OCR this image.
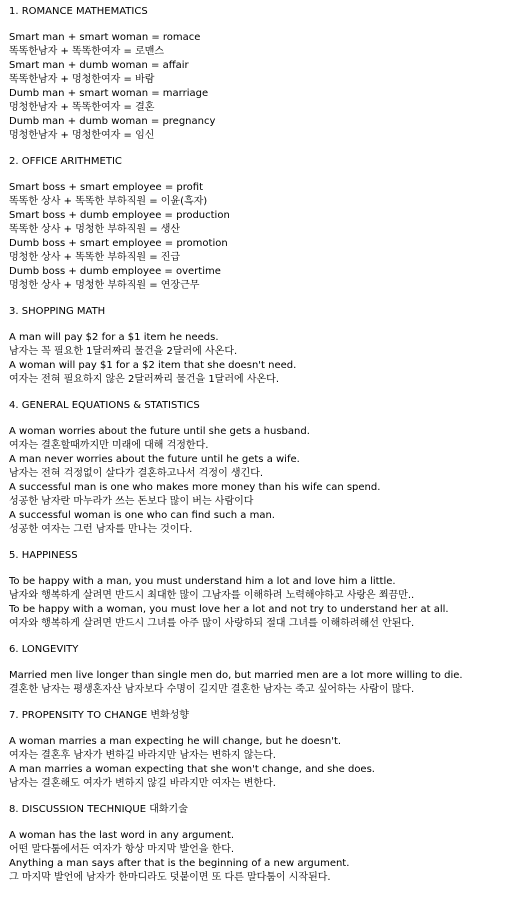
1. ROMANCE MATHEMATICS
Smart man + smart woman = romace
똑똑한남자 + 똑똑한여자 = 로맨스
Smart man + dumb woman = affair
똑똑한남자 + 멍청한여자 = 바람
Dumb man + smart woman = marriage
멍청한남자 + 똑똑한여자 = 결혼
Dumb man + dumb woman = pregnancy
멍청한남자 + 멍청한여자 = 임신
2. OFFICE ARITHMETIC
Smart boss + smart employee = profit
똑똑한 상사 + 똑똑한 부하직원 = 이윤(흑자)
Smart boss + dumb employee = production
똑똑한 상사 + 멍청한 부하직원 = 생산
Dumb boss + smart employee = promotion
멍청한 상사 + 똑똑한 부하직원 = 진급
Dumb boss + dumb employee = overtime
멍청한 상사 + 멍청한 부하직원 = 연장근무
3. SHOPPING MATH
A man will pay $2 for a $1 item he needs.
남자는 꼭 필요한 1달러짜리 물건을 2달러에 사온다.
A woman will pay $1 for a $2 item that she doesn't need.
여자는 전혀 필요하지 않은 2달러짜리 물건을 1달러에 사온다.
4. GENERAL EQUATIONS & STATISTICS
A woman worries about the future until she gets a husband.
여자는 결혼할때까지만 미래에 대해 걱정한다.
A man never worries about the future until he gets a wife.
남자는 전혀 걱정없이 살다가 결혼하고나서 걱정이 생긴다.
A successful man is one who makes more money than his wife can spend.
성공한 남자란 마누라가 쓰는 돈보다 많이 버는 사람이다
A successful woman is one who can find such a man.
성공한 여자는 그런 남자를 만나는 것이다.
5. HAPPINESS
To be happy with a man, you must understand him a lot and love him a little.
남자와 행복하게 살려면 반드시 최대한 많이 그남자를 이해하려 노력해야하고 사랑은 쬐끔만..
To be happy with a woman, you must love her a lot and not try to understand her at all.
여자와 행복하게 살려면 반드시 그녀를 아주 많이 사랑하되 절대 그녀를 이해하려해선 안된다.
6. LONGEVITY
Married men live longer than single men do, but married men are a lot more willing to die.
결혼한 남자는 평생혼자산 남자보다 수명이 길지만 결혼한 남자는 죽고 싶어하는 사람이 많다.
7. PROPENSITY TO CHANGE 변화성향
A woman marries a man expecting he will change, but he doesn't.
여자는 결혼후 남자가 변하길 바라지만 남자는 변하지 않는다.
A man marries a woman expecting that she won't change, and she does.
남자는 결혼해도 여자가 변하지 않길 바라지만 여자는 변한다.
8. DISCUSSION TECHNIQUE 대화기술
A woman has the last word in any argument.
어떤 말다툼에서든 여자가 항상 마지막 발언을 한다.
Anything a man says after that is the beginning of a new argument.
그 마지막 발언에 남자가 한마디라도 덧붙이면 또 다른 말다툼이 시작된다.
